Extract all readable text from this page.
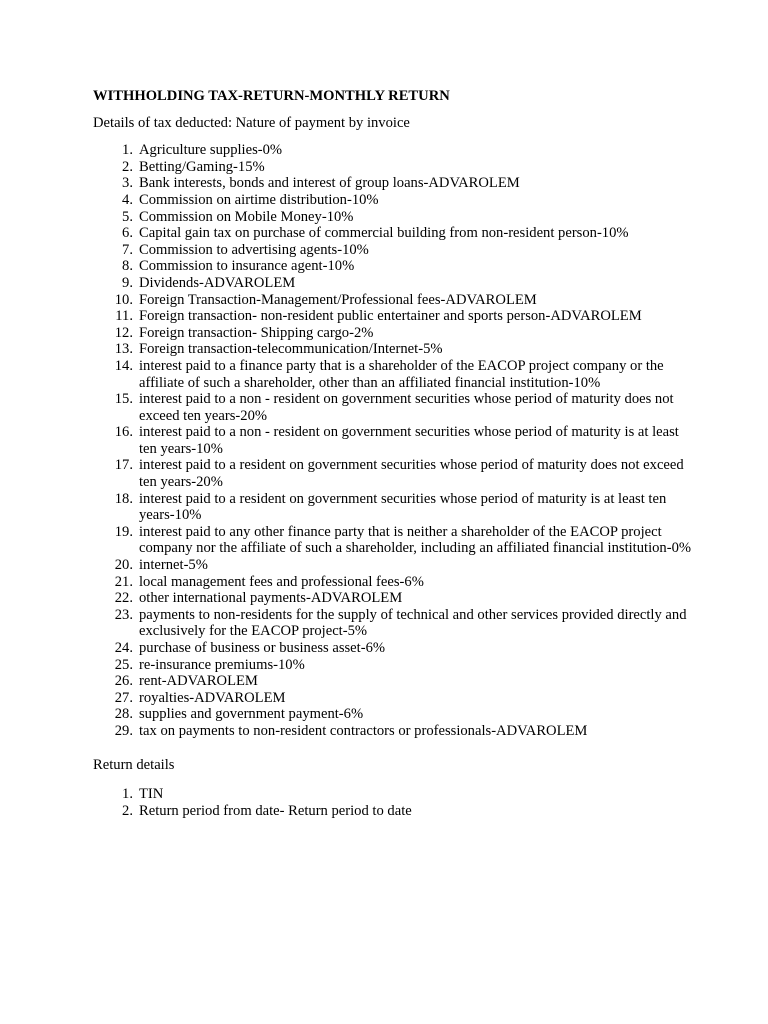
WITHHOLDING TAX-RETURN-MONTHLY RETURN

Details of tax deducted: Nature of payment by invoice

1. Agriculture supplies-0%
2. Betting/Gaming-15%
3. Bank interests, bonds and interest of group loans-ADVAROLEM
4. Commission on airtime distribution-10%
5. Commission on Mobile Money-10%
6. Capital gain tax on purchase of commercial building from non-resident person-10%
7. Commission to advertising agents-10%
8. Commission to insurance agent-10%
9. Dividends-ADVAROLEM
10. Foreign Transaction-Management/Professional fees-ADVAROLEM
11. Foreign transaction- non-resident public entertainer and sports person-ADVAROLEM
12. Foreign transaction- Shipping cargo-2%
13. Foreign transaction-telecommunication/Internet-5%
14. interest paid to a finance party that is a shareholder of the EACOP project company or the affiliate of such a shareholder, other than an affiliated financial institution-10%
15. interest paid to a non - resident on government securities whose period of maturity does not exceed ten years-20%
16. interest paid to a non - resident on government securities whose period of maturity is at least ten years-10%
17. interest paid to a resident on government securities whose period of maturity does not exceed ten years-20%
18. interest paid to a resident on government securities whose period of maturity is at least ten years-10%
19. interest paid to any other finance party that is neither a shareholder of the EACOP project company nor the affiliate of such a shareholder, including an affiliated financial institution-0%
20. internet-5%
21. local management fees and professional fees-6%
22. other international payments-ADVAROLEM
23. payments to non-residents for the supply of technical and other services provided directly and exclusively for the EACOP project-5%
24. purchase of business or business asset-6%
25. re-insurance premiums-10%
26. rent-ADVAROLEM
27. royalties-ADVAROLEM
28. supplies and government payment-6%
29. tax on payments to non-resident contractors or professionals-ADVAROLEM

Return details

1. TIN
2. Return period from date- Return period to date
